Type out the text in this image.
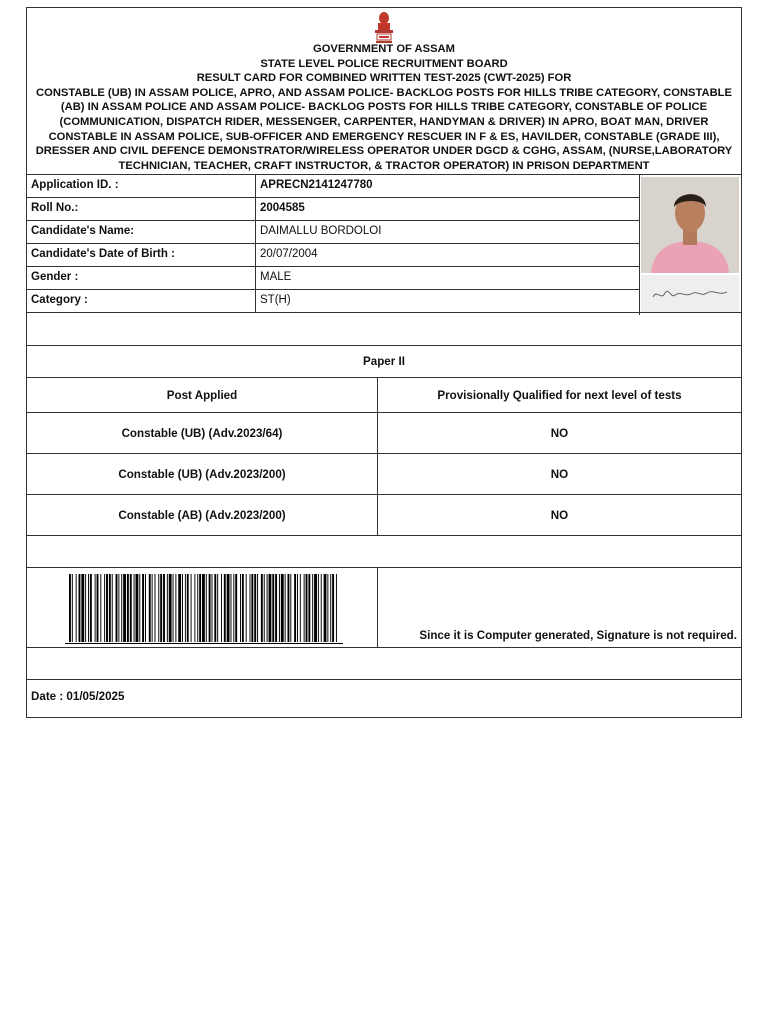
GOVERNMENT OF ASSAM
STATE LEVEL POLICE RECRUITMENT BOARD
RESULT CARD FOR COMBINED WRITTEN TEST-2025 (CWT-2025) FOR
CONSTABLE (UB) IN ASSAM POLICE, APRO, AND ASSAM POLICE- BACKLOG POSTS FOR HILLS TRIBE CATEGORY, CONSTABLE
(AB) IN ASSAM POLICE AND ASSAM POLICE- BACKLOG POSTS FOR HILLS TRIBE CATEGORY, CONSTABLE OF POLICE
(COMMUNICATION, DISPATCH RIDER, MESSENGER, CARPENTER, HANDYMAN & DRIVER) IN APRO, BOAT MAN, DRIVER
CONSTABLE IN ASSAM POLICE, SUB-OFFICER AND EMERGENCY RESCUER IN F & ES, HAVILDER, CONSTABLE (GRADE III),
DRESSER AND CIVIL DEFENCE DEMONSTRATOR/WIRELESS OPERATOR UNDER DGCD & CGHG, ASSAM, (NURSE,LABORATORY
TECHNICIAN, TEACHER, CRAFT INSTRUCTOR, & TRACTOR OPERATOR) IN PRISON DEPARTMENT
Application ID. :	APRECN2141247780
Roll No.:	2004585
Candidate's Name:	DAIMALLU BORDOLOI
Candidate's Date of Birth :	20/07/2004
Gender :	MALE
Category :	ST(H)
Paper II
Post Applied	Provisionally Qualified for next level of tests
Constable (UB) (Adv.2023/64)	NO
Constable (UB) (Adv.2023/200)	NO
Constable (AB) (Adv.2023/200)	NO
Since it is Computer generated, Signature is not required.
Date : 01/05/2025
